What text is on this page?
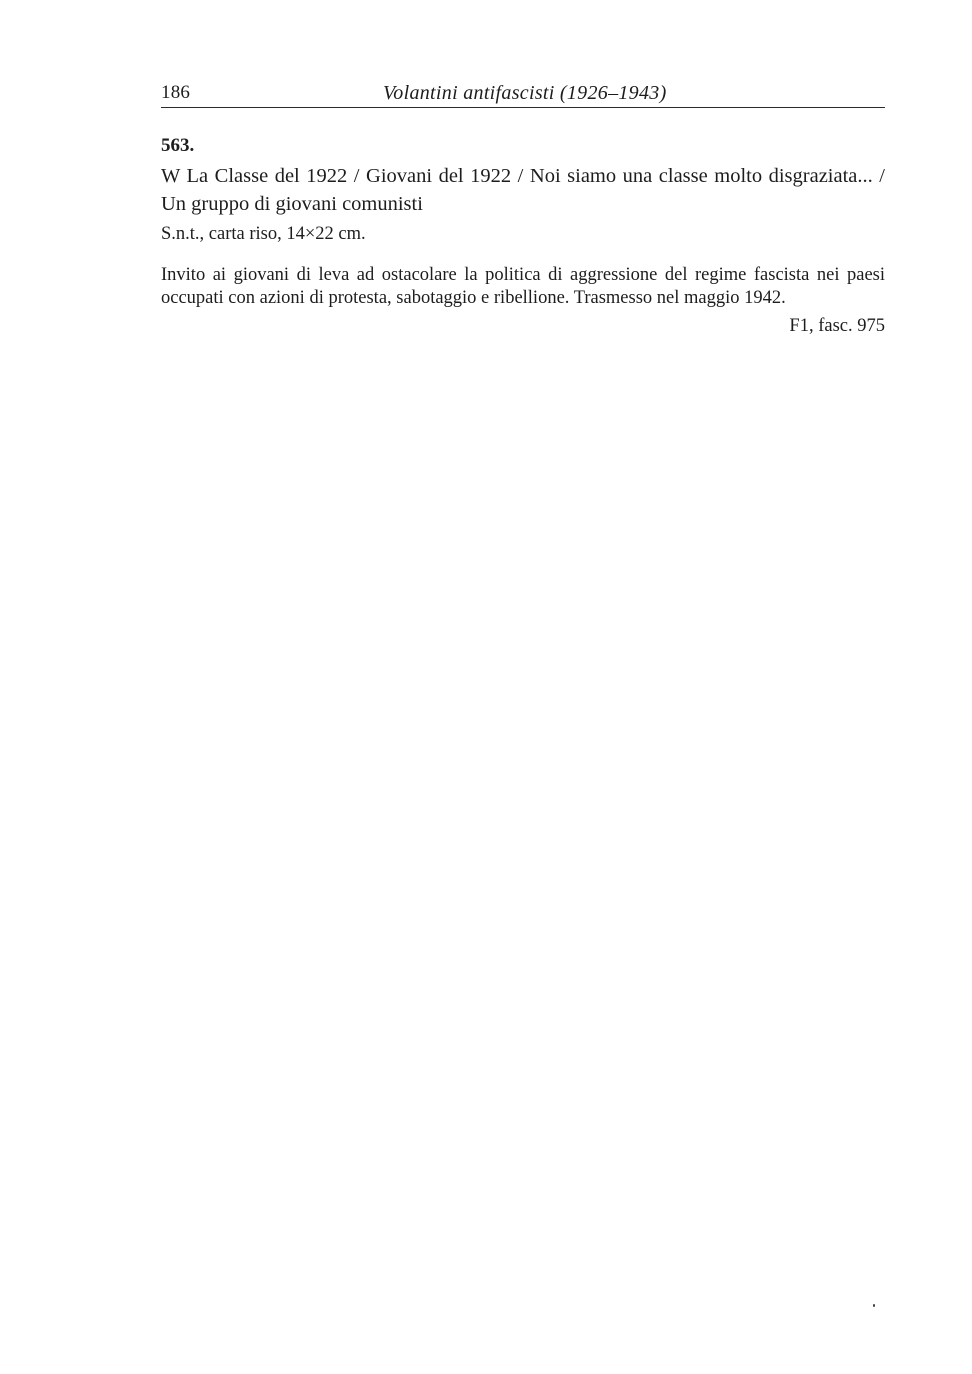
186	Volantini antifascisti (1926–1943)

563.

W La Classe del 1922 / Giovani del 1922 / Noi siamo una classe molto disgraziata... / Un gruppo di giovani comunisti

S.n.t., carta riso, 14×22 cm.

Invito ai giovani di leva ad ostacolare la politica di aggressione del regime fascista nei paesi occupati con azioni di protesta, sabotaggio e ribellione. Trasmesso nel maggio 1942.

F1, fasc. 975
